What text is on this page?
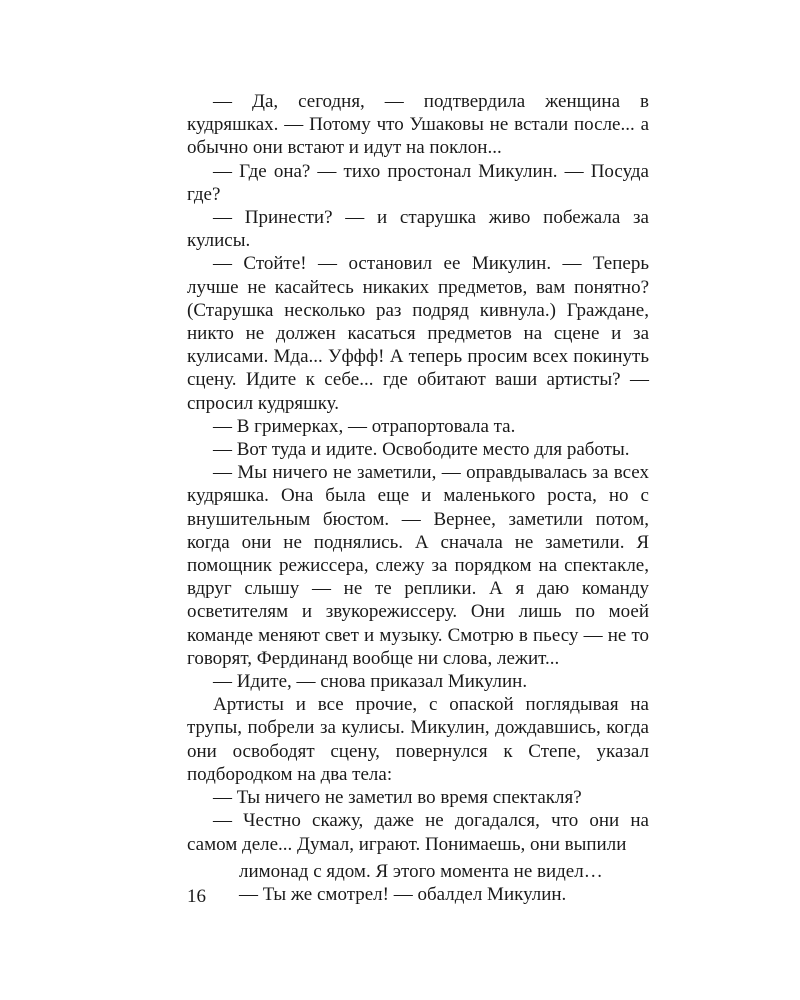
— Да, сегодня, — подтвердила женщина в кудряшках. — Потому что Ушаковы не встали после... а обычно они встают и идут на поклон...

— Где она? — тихо простонал Микулин. — Посуда где?

— Принести? — и старушка живо побежала за кулисы.

— Стойте! — остановил ее Микулин. — Теперь лучше не касайтесь никаких предметов, вам понятно? (Старушка несколько раз подряд кивнула.) Граждане, никто не должен касаться предметов на сцене и за кулисами. Мда... Уффф! А теперь просим всех покинуть сцену. Идите к себе... где обитают ваши артисты? — спросил кудряшку.

— В гримерках, — отрапортовала та.

— Вот туда и идите. Освободите место для работы.

— Мы ничего не заметили, — оправдывалась за всех кудряшка. Она была еще и маленького роста, но с внушительным бюстом. — Вернее, заметили потом, когда они не поднялись. А сначала не заметили. Я помощник режиссера, слежу за порядком на спектакле, вдруг слышу — не те реплики. А я даю команду осветителям и звукорежиссеру. Они лишь по моей команде меняют свет и музыку. Смотрю в пьесу — не то говорят, Фердинанд вообще ни слова, лежит...

— Идите, — снова приказал Микулин.

Артисты и все прочие, с опаской поглядывая на трупы, побрели за кулисы. Микулин, дождавшись, когда они освободят сцену, повернулся к Степе, указал подбородком на два тела:

— Ты ничего не заметил во время спектакля?

— Честно скажу, даже не догадался, что они на самом деле... Думал, играют. Понимаешь, они выпили

лимонад с ядом. Я этого момента не видел…

— Ты же смотрел! — обалдел Микулин.

16
